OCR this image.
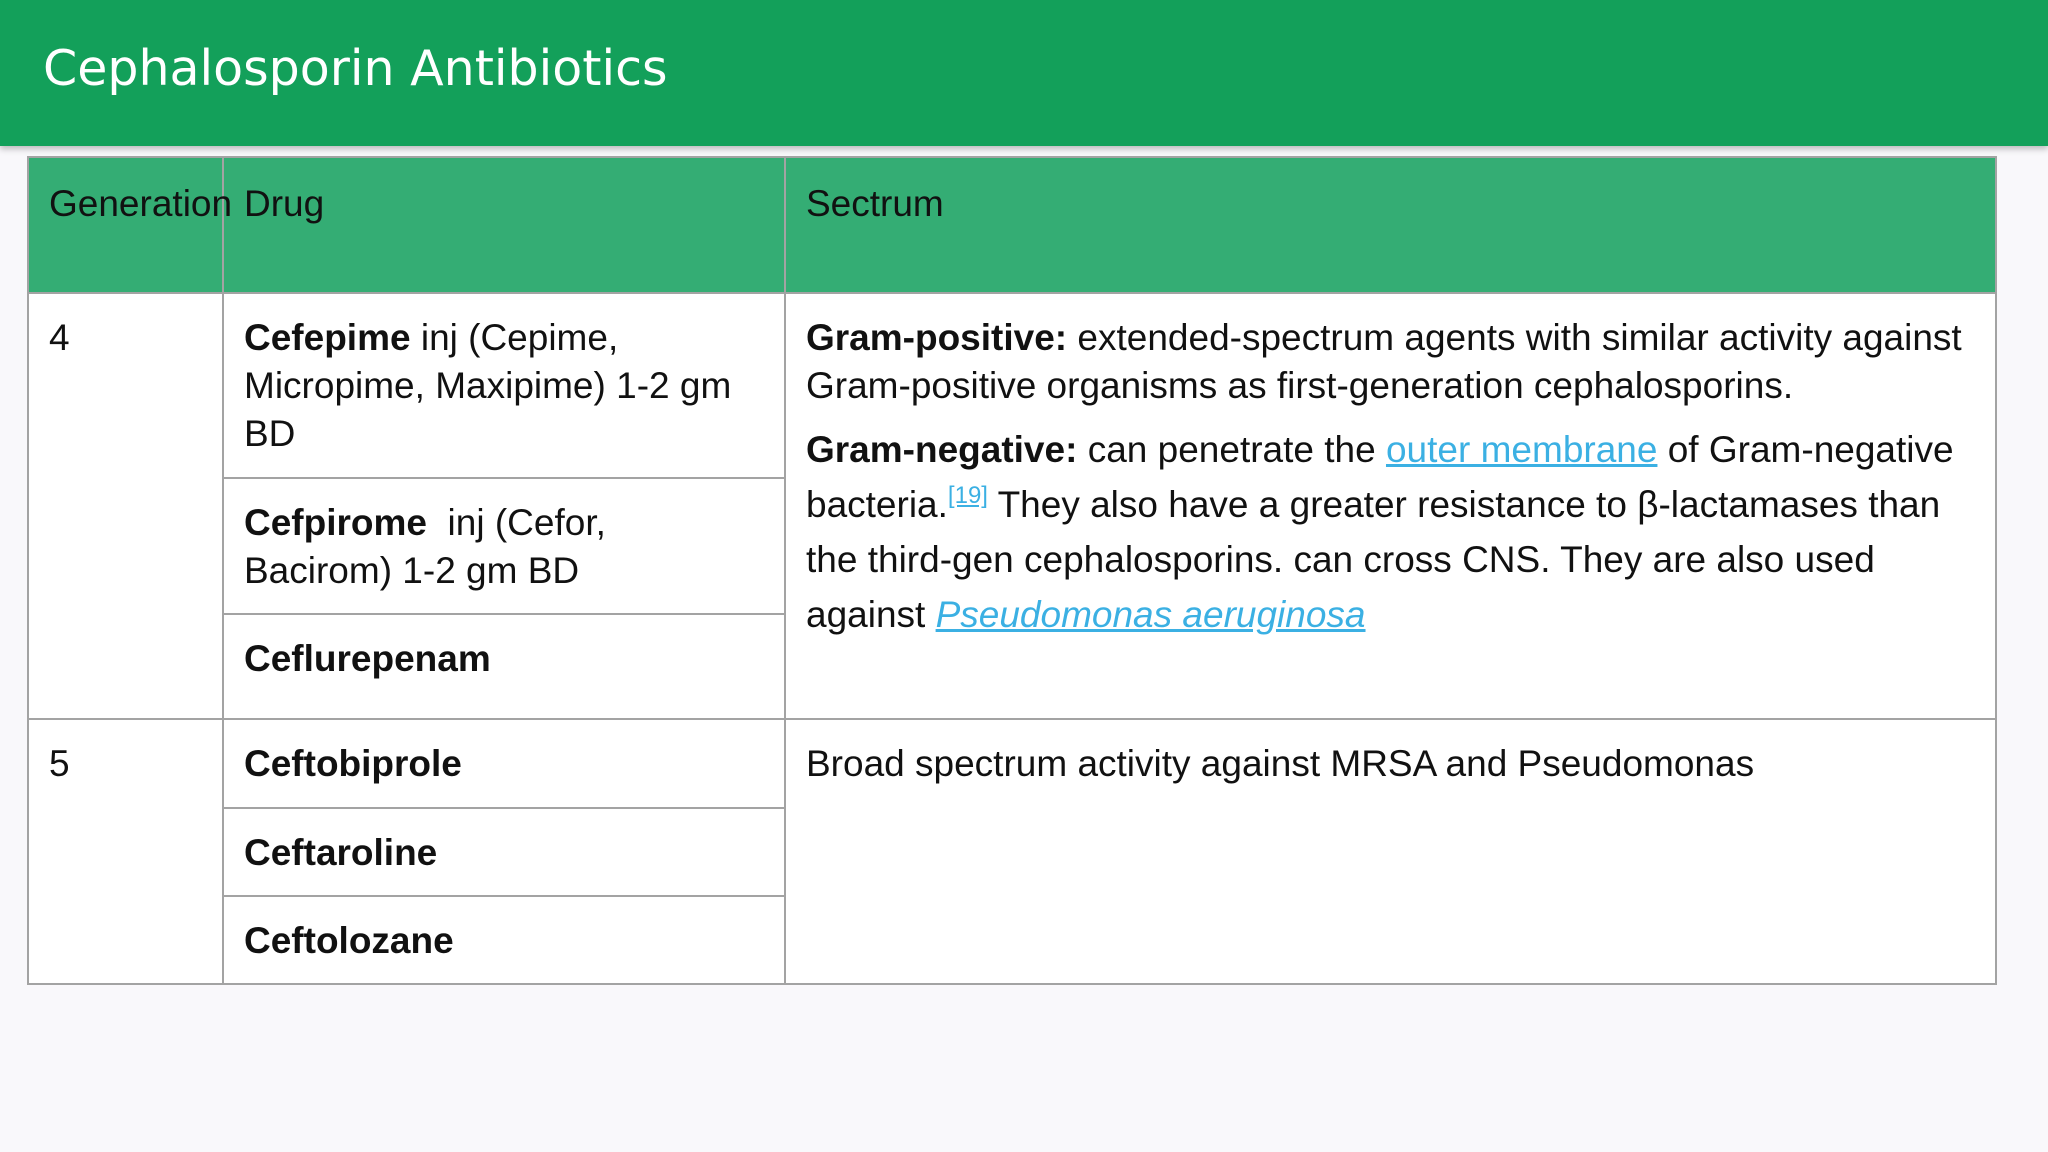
Cephalosporin Antibiotics
Generation	Drug	Sectrum
4	Cefepime inj (Cepime, Micropime, Maxipime) 1-2 gm BD	Gram-positive: extended-spectrum agents with similar activity against Gram-positive organisms as first-generation cephalosporins.

Gram-negative: can penetrate the outer membrane of Gram-negative bacteria.[19] They also have a greater resistance to β-lactamases than the third-gen cephalosporins. can cross CNS. They are also used against Pseudomonas aeruginosa

	Cefpirome  inj (Cefor, Bacirom) 1-2 gm BD	
	Ceflurepenam	
5	Ceftobiprole	Broad spectrum activity against MRSA and Pseudomonas
	Ceftaroline	
	Ceftolozane	
